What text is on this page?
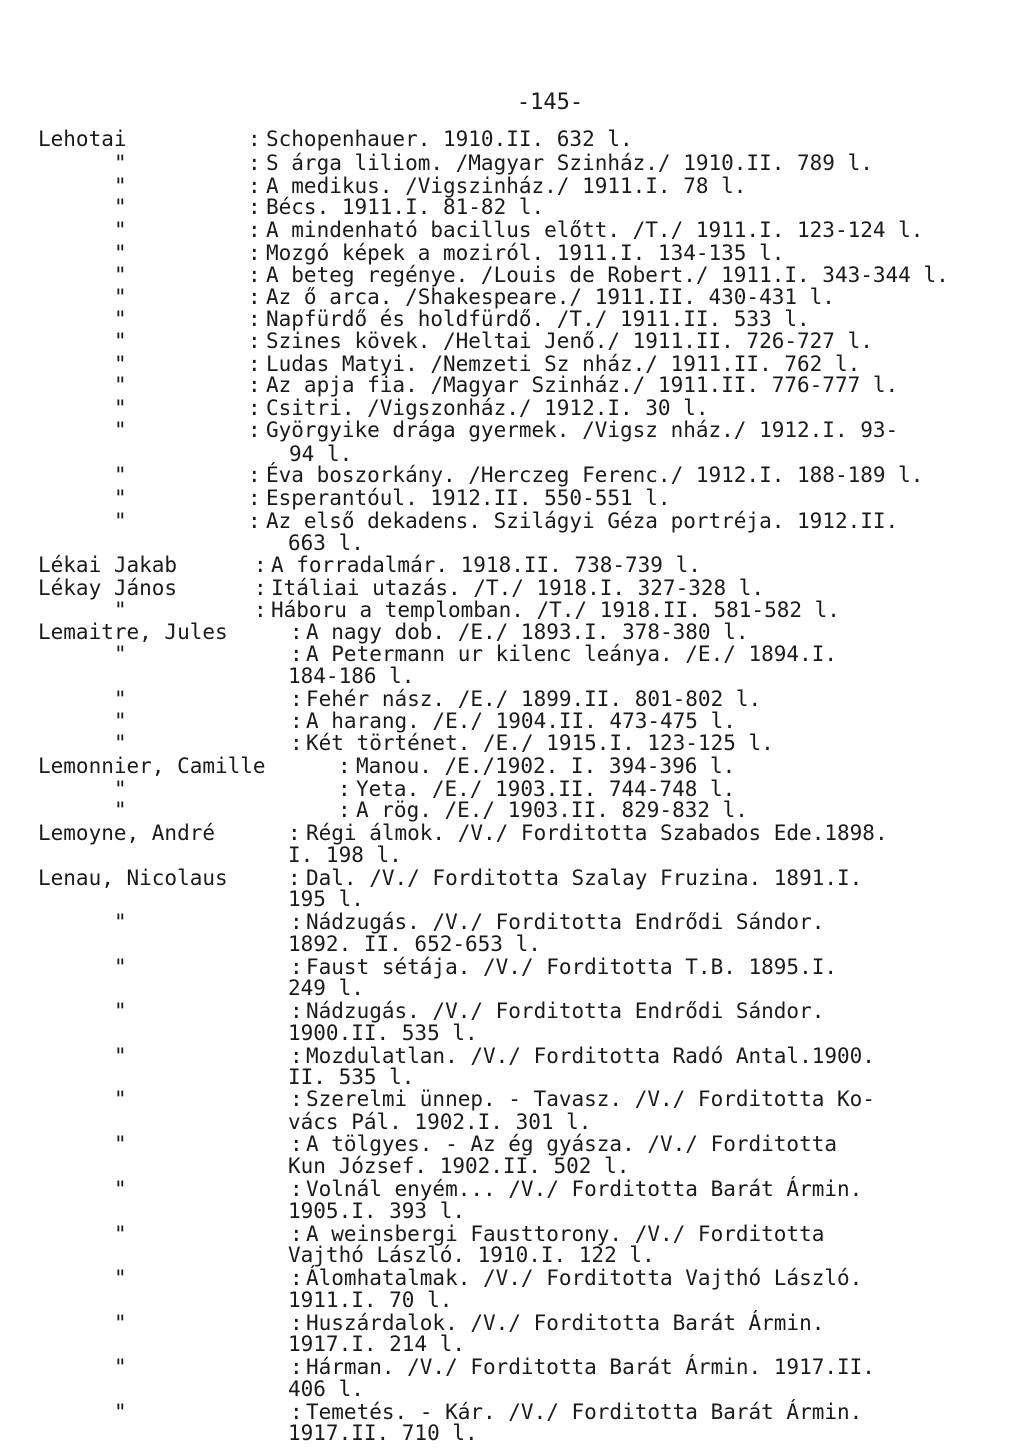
-145-
Lehotai	: Schopenhauer. 1910.II. 632 l.
"	: S árga liliom. /Magyar Szinház./ 1910.II. 789 l.
"	: A medikus. /Vigszinház./ 1911.I. 78 l.
"	: Bécs. 1911.I. 81-82 l.
"	: A mindenható bacillus előtt. /T./ 1911.I. 123-124 l.
"	: Mozgó képek a moziról. 1911.I. 134-135 l.
"	: A beteg regénye. /Louis de Robert./ 1911.I. 343-344 l.
"	: Az ő arca. /Shakespeare./ 1911.II. 430-431 l.
"	: Napfürdő és holdfürdő. /T./ 1911.II. 533 l.
"	: Szines kövek. /Heltai Jenő./ 1911.II. 726-727 l.
"	: Ludas Matyi. /Nemzeti Sz nház./ 1911.II. 762 l.
"	: Az apja fia. /Magyar Szinház./ 1911.II. 776-777 l.
"	: Csitri. /Vigszonház./ 1912.I. 30 l.
"	: Györgyike drága gyermek. /Vigsz nház./ 1912.I. 93-
94 l.
"	: Éva boszorkány. /Herczeg Ferenc./ 1912.I. 188-189 l.
"	: Esperantóul. 1912.II. 550-551 l.
"	: Az első dekadens. Szilágyi Géza portréja. 1912.II.
663 l.
Lékai Jakab	: A forradalmár. 1918.II. 738-739 l.
Lékay János	: Itáliai utazás. /T./ 1918.I. 327-328 l.
"	: Háboru a templomban. /T./ 1918.II. 581-582 l.
Lemaitre, Jules	: A nagy dob. /E./ 1893.I. 378-380 l.
"	: A Petermann ur kilenc leánya. /E./ 1894.I.
184-186 l.
"	: Fehér nász. /E./ 1899.II. 801-802 l.
"	: A harang. /E./ 1904.II. 473-475 l.
"	: Két történet. /E./ 1915.I. 123-125 l.
Lemonnier, Camille	: Manou. /E./1902. I. 394-396 l.
"	: Yeta. /E./ 1903.II. 744-748 l.
"	: A rög. /E./ 1903.II. 829-832 l.
Lemoyne, André	: Régi álmok. /V./ Forditotta Szabados Ede.1898.
I. 198 l.
Lenau, Nicolaus	: Dal. /V./ Forditotta Szalay Fruzina. 1891.I.
195 l.
"	: Nádzugás. /V./ Forditotta Endrődi Sándor.
1892. II. 652-653 l.
"	: Faust sétája. /V./ Forditotta T.B. 1895.I.
249 l.
"	: Nádzugás. /V./ Forditotta Endrődi Sándor.
1900.II. 535 l.
"	: Mozdulatlan. /V./ Forditotta Radó Antal.1900.
II. 535 l.
"	: Szerelmi ünnep. - Tavasz. /V./ Forditotta Ko-
vács Pál. 1902.I. 301 l.
"	: A tölgyes. - Az ég gyásza. /V./ Forditotta
Kun József. 1902.II. 502 l.
"	: Volnál enyém... /V./ Forditotta Barát Ármin.
1905.I. 393 l.
"	: A weinsbergi Fausttorony. /V./ Forditotta
Vajthó László. 1910.I. 122 l.
"	: Álomhatalmak. /V./ Forditotta Vajthó László.
1911.I. 70 l.
"	: Huszárdalok. /V./ Forditotta Barát Ármin.
1917.I. 214 l.
"	: Hárman. /V./ Forditotta Barát Ármin. 1917.II.
406 l.
"	: Temetés. - Kár. /V./ Forditotta Barát Ármin.
1917.II. 710 l.
